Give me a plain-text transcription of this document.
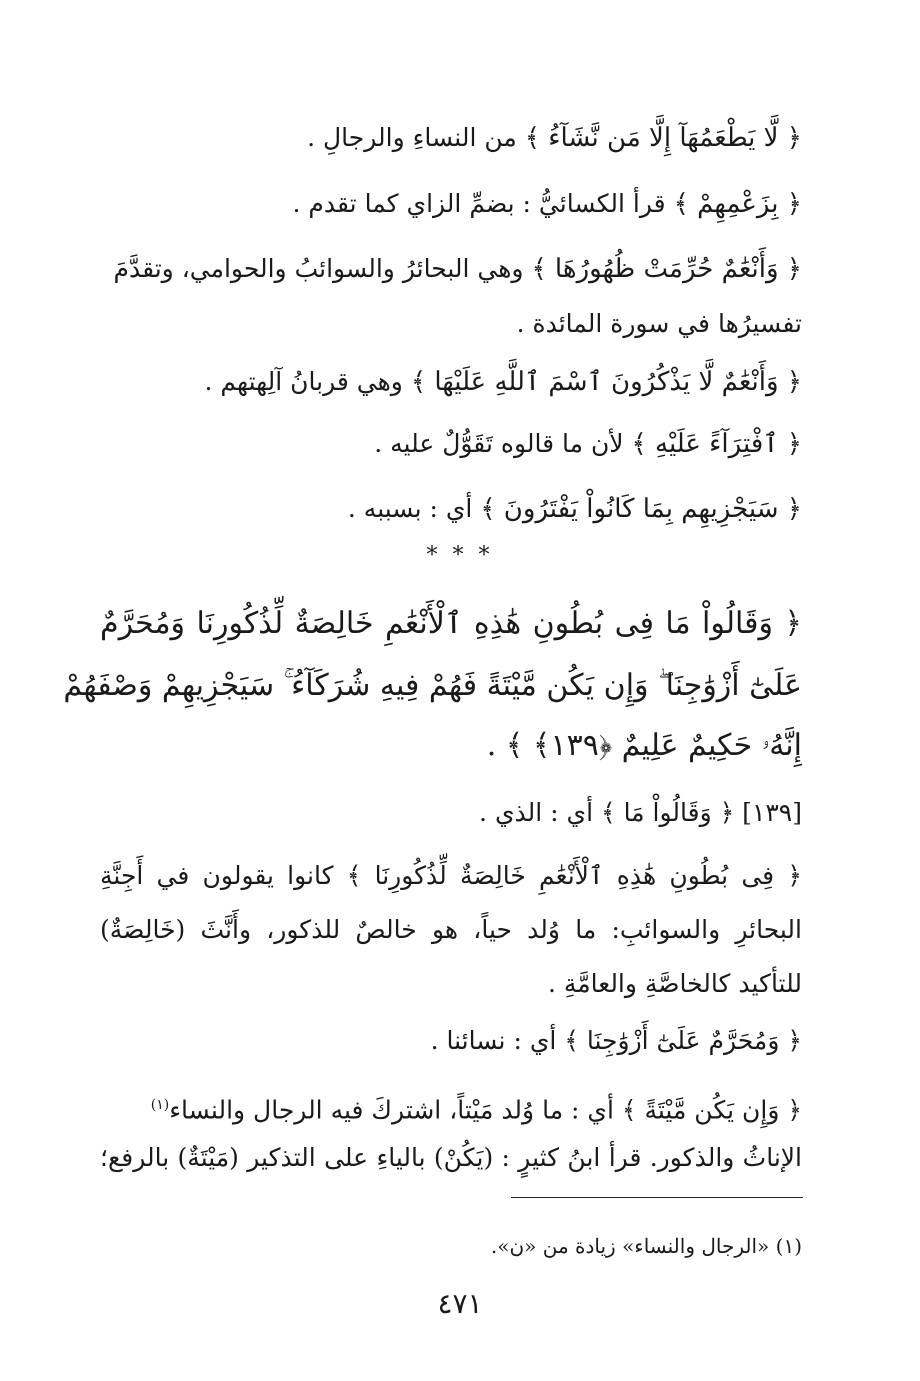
﴿ لَّا يَطْعَمُهَآ إِلَّا مَن نَّشَآءُ ﴾ من النساءِ والرجالِ .
﴿ بِزَعْمِهِمْ ﴾ قرأ الكسائيُّ : بضمِّ الزاي كما تقدم .
﴿ وَأَنْعَٰمٌ حُرِّمَتْ ظُهُورُهَا ﴾ وهي البحائرُ والسوائبُ والحوامي، وتقدَّمَ
تفسيرُها في سورة المائدة .
﴿ وَأَنْعَٰمٌ لَّا يَذْكُرُونَ ٱسْمَ ٱللَّهِ عَلَيْهَا ﴾ وهي قربانُ آلِهتهم .
﴿ ٱفْتِرَآءً عَلَيْهِ ﴾ لأن ما قالوه تَقَوُّلٌ عليه .
﴿ سَيَجْزِيهِم بِمَا كَانُواْ يَفْتَرُونَ ﴾ أي : بسببه .
* * *
﴿ وَقَالُواْ مَا فِى بُطُونِ هَٰذِهِ ٱلْأَنْعَٰمِ خَالِصَةٌ لِّذُكُورِنَا وَمُحَرَّمٌ
عَلَىٰٓ أَزْوَٰجِنَا ۖ وَإِن يَكُن مَّيْتَةً فَهُمْ فِيهِ شُرَكَآءُ ۚ سَيَجْزِيهِمْ وَصْفَهُمْ
إِنَّهُۥ حَكِيمٌ عَلِيمٌ ﴿١٣٩﴾ ﴾ .
[١٣٩] ﴿ وَقَالُواْ مَا ﴾ أي : الذي .
﴿ فِى بُطُونِ هَٰذِهِ ٱلْأَنْعَٰمِ خَالِصَةٌ لِّذُكُورِنَا ﴾ كانوا يقولون في أَجِنَّةِ
البحائرِ والسوائبِ: ما وُلد حياً، هو خالصٌ للذكور، وأَنَّثَ (خَالِصَةٌ)
للتأكيد كالخاصَّةِ والعامَّةِ .
﴿ وَمُحَرَّمٌ عَلَىٰٓ أَزْوَٰجِنَا ﴾ أي : نسائنا .
﴿ وَإِن يَكُن مَّيْتَةً ﴾ أي : ما وُلد مَيْتاً، اشتركَ فيه الرجال والنساء$^{(١)}$
الإناثُ والذكور. قرأ ابنُ كثيرٍ : (يَكُنْ) بالياءِ على التذكير (مَيْتَةٌ) بالرفع؛
(١) «الرجال والنساء» زيادة من «ن».
٤٧١
